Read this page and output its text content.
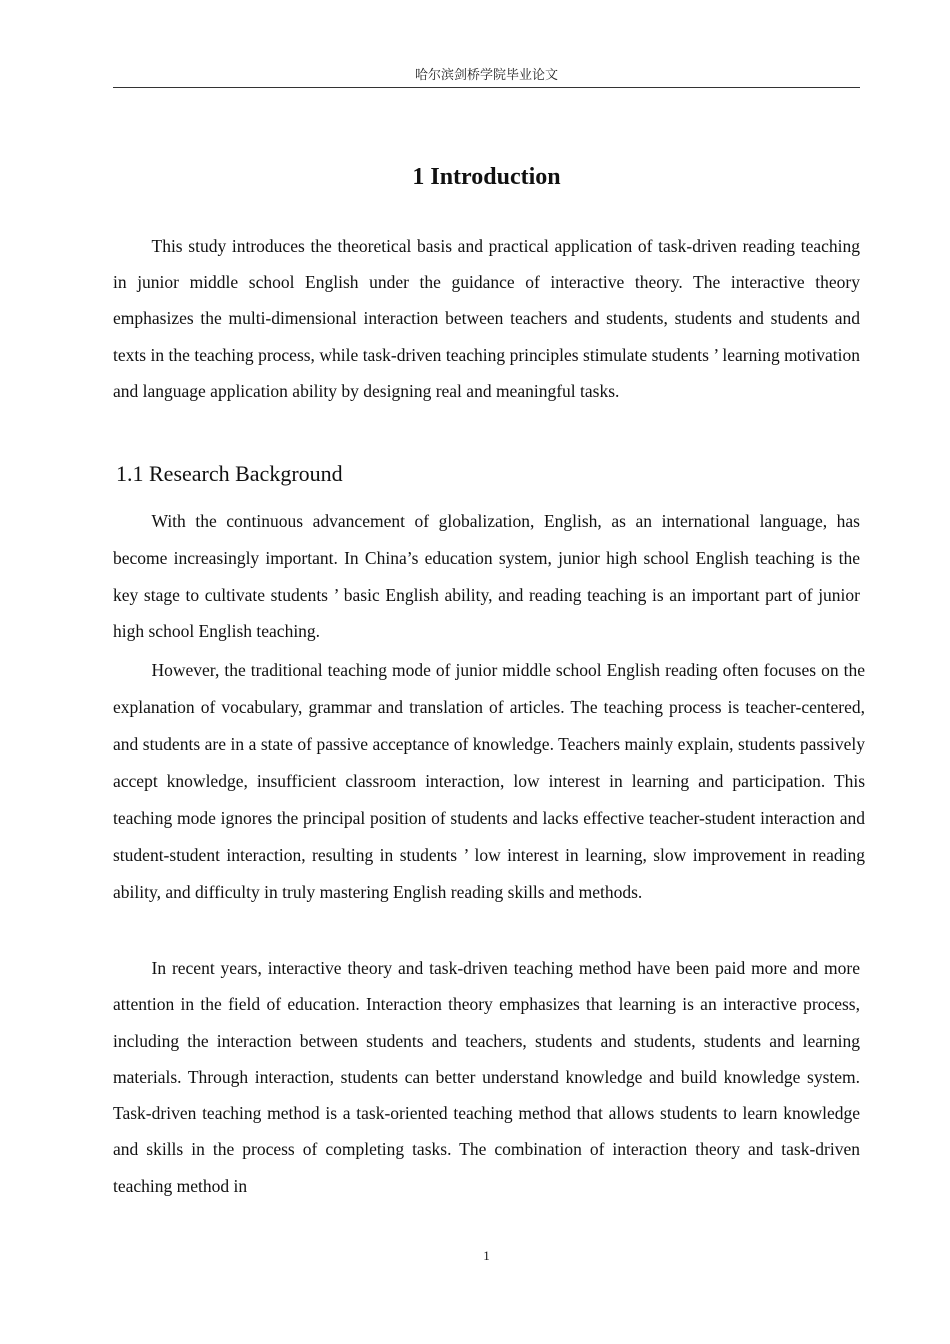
哈尔滨剑桥学院毕业论文
1 Introduction

This study introduces the theoretical basis and practical application of task-driven reading teaching in junior middle school English under the guidance of interactive theory. The interactive theory emphasizes the multi-dimensional interaction between teachers and students, students and students and texts in the teaching process, while task-driven teaching principles stimulate students ’ learning motivation and language application ability by designing real and meaningful tasks.

1.1 Research Background

With the continuous advancement of globalization, English, as an international language, has become increasingly important. In China’s education system, junior high school English teaching is the key stage to cultivate students ’ basic English ability, and reading teaching is an important part of junior high school English teaching.

However, the traditional teaching mode of junior middle school English reading often focuses on the explanation of vocabulary, grammar and translation of articles. The teaching process is teacher-centered, and students are in a state of passive acceptance of knowledge. Teachers mainly explain, students passively accept knowledge, insufficient classroom interaction, low interest in learning and participation. This teaching mode ignores the principal position of students and lacks effective teacher-student interaction and student-student interaction, resulting in students ’ low interest in learning, slow improvement in reading ability, and difficulty in truly mastering English reading skills and methods.

In recent years, interactive theory and task-driven teaching method have been paid more and more attention in the field of education. Interaction theory emphasizes that learning is an interactive process, including the interaction between students and teachers, students and students, students and learning materials. Through interaction, students can better understand knowledge and build knowledge system. Task-driven teaching method is a task-oriented teaching method that allows students to learn knowledge and skills in the process of completing tasks. The combination of interaction theory and task-driven teaching method in

1
